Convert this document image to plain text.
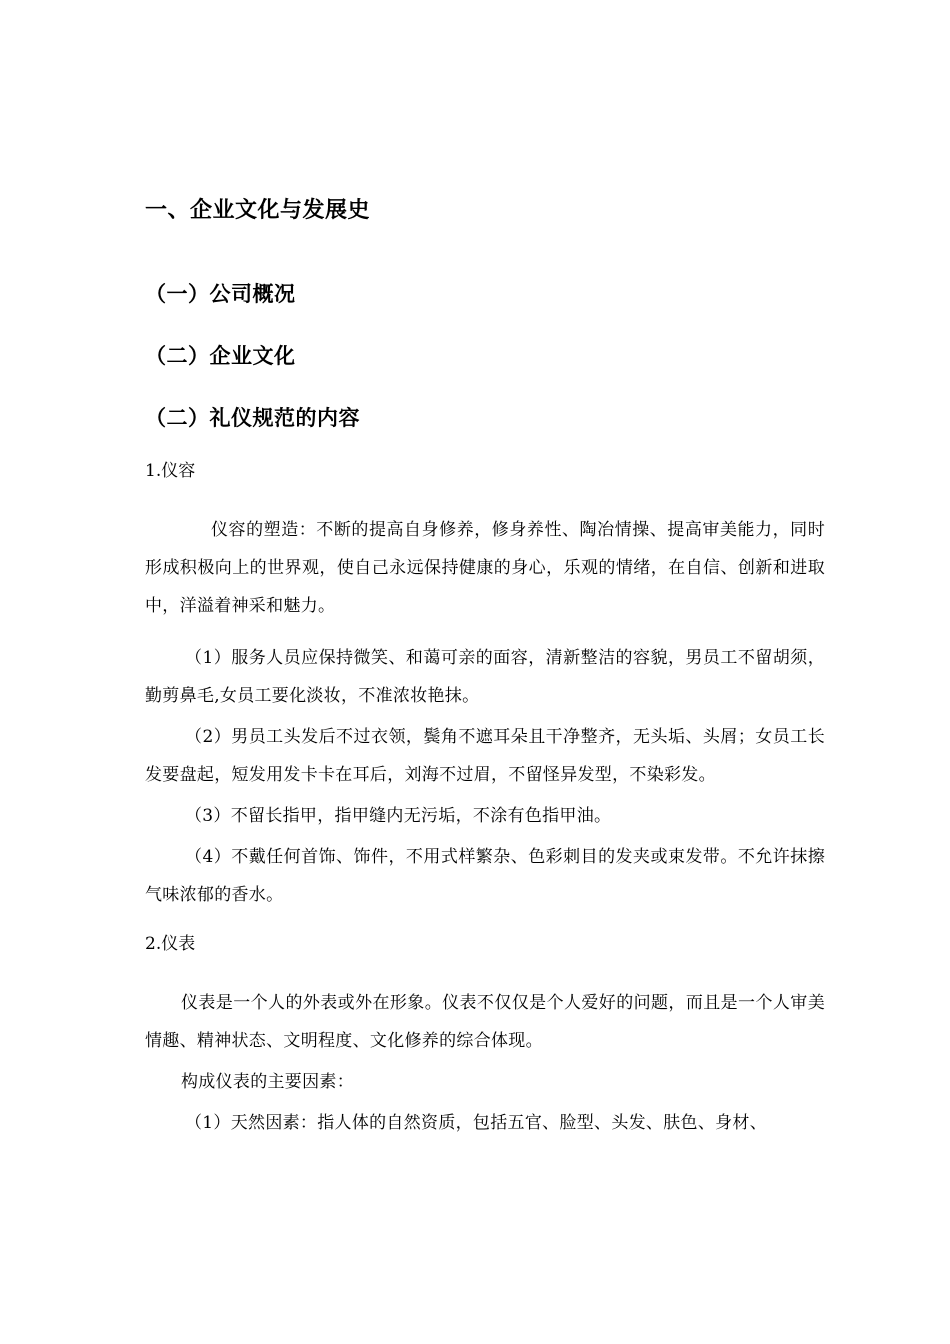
一、企业文化与发展史
（一）公司概况
（二）企业文化
（二）礼仪规范的内容
1.仪容
仪容的塑造：不断的提高自身修养，修身养性、陶冶情操、提高审美能力，同时形成积极向上的世界观，使自己永远保持健康的身心，乐观的情绪，在自信、创新和进取中，洋溢着神采和魅力。
（1）服务人员应保持微笑、和蔼可亲的面容，清新整洁的容貌，男员工不留胡须，勤剪鼻毛,女员工要化淡妆，不准浓妆艳抹。
（2）男员工头发后不过衣领，鬓角不遮耳朵且干净整齐，无头垢、头屑；女员工长发要盘起，短发用发卡卡在耳后，刘海不过眉，不留怪异发型，不染彩发。
（3）不留长指甲，指甲缝内无污垢，不涂有色指甲油。
（4）不戴任何首饰、饰件，不用式样繁杂、色彩刺目的发夹或束发带。不允许抹擦气味浓郁的香水。
2.仪表
仪表是一个人的外表或外在形象。仪表不仅仅是个人爱好的问题，而且是一个人审美情趣、精神状态、文明程度、文化修养的综合体现。
构成仪表的主要因素：
（1）天然因素：指人体的自然资质，包括五官、脸型、头发、肤色、身材、
